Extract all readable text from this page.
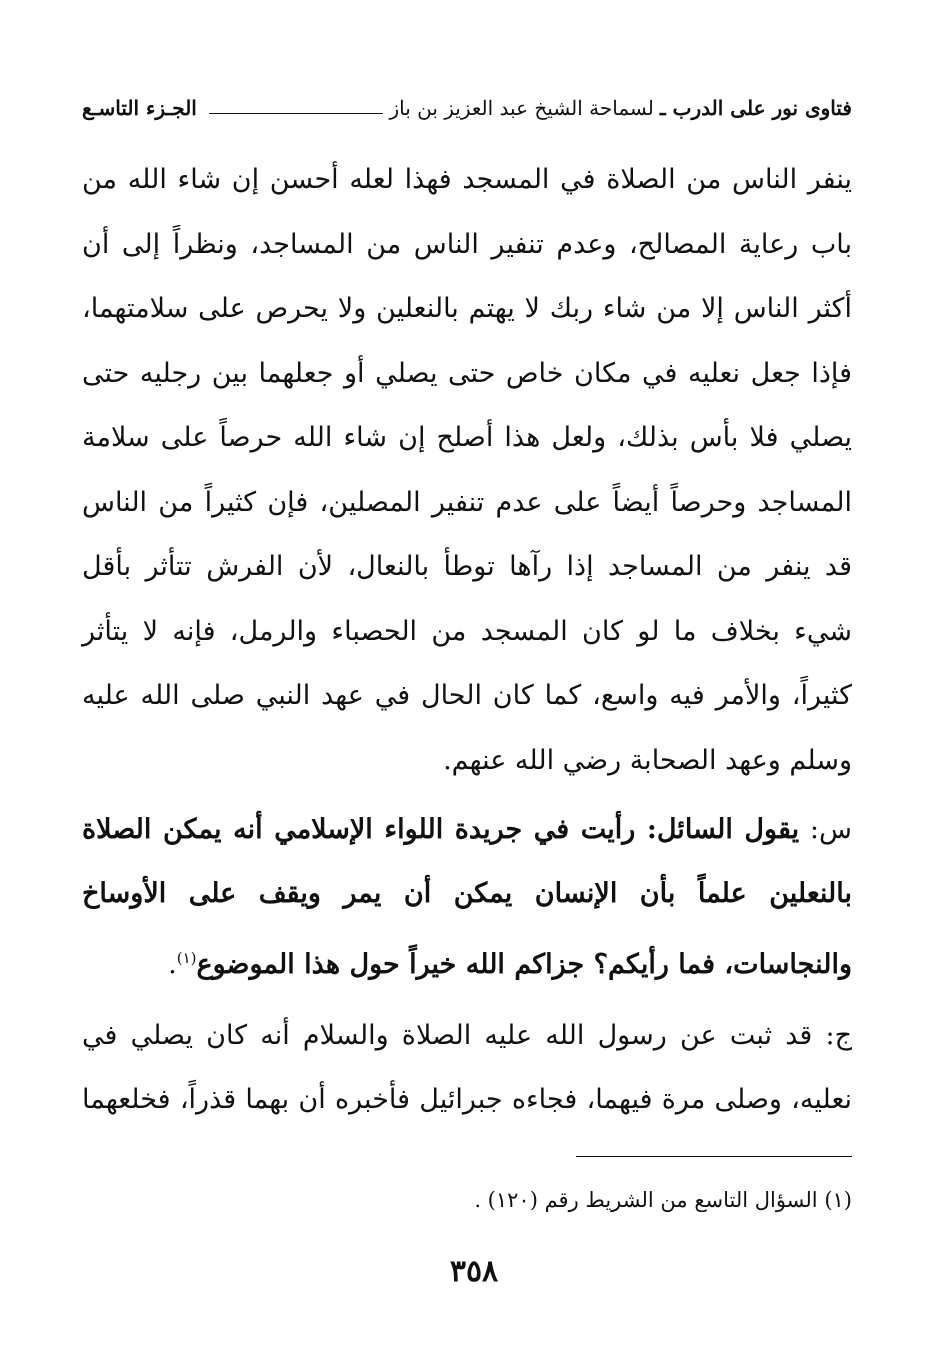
فتاوى نور على الدرب ـ
لسماحة الشيخ عبد العزيز بن باز
الجـزء التاسـع
ينفر الناس من الصلاة في المسجد فهذا لعله أحسن إن شاء الله من باب رعاية المصالح، وعدم تنفير الناس من المساجد، ونظراً إلى أن أكثر الناس إلا من شاء ربك لا يهتم بالنعلين ولا يحرص على سلامتهما، فإذا جعل نعليه في مكان خاص حتى يصلي أو جعلهما بين رجليه حتى يصلي فلا بأس بذلك، ولعل هذا أصلح إن شاء الله حرصاً على سلامة المساجد وحرصاً أيضاً على عدم تنفير المصلين، فإن كثيراً من الناس قد ينفر من المساجد إذا رآها توطأ بالنعال، لأن الفرش تتأثر بأقل شيء بخلاف ما لو كان المسجد من الحصباء والرمل، فإنه لا يتأثر كثيراً، والأمر فيه واسع، كما كان الحال في عهد النبي صلى الله عليه وسلم وعهد الصحابة رضي الله عنهم.
س: يقول السائل: رأيت في جريدة اللواء الإسلامي أنه يمكن الصلاة بالنعلين علماً بأن الإنسان يمكن أن يمر ويقف على الأوساخ والنجاسات، فما رأيكم؟ جزاكم الله خيراً حول هذا الموضوع$^{(١)}$.
ج: قد ثبت عن رسول الله عليه الصلاة والسلام أنه كان يصلي في نعليه، وصلى مرة فيهما، فجاءه جبرائيل فأخبره أن بهما قذراً، فخلعهما
(١) السؤال التاسع من الشريط رقم (١٢٠) .
٣٥٨
